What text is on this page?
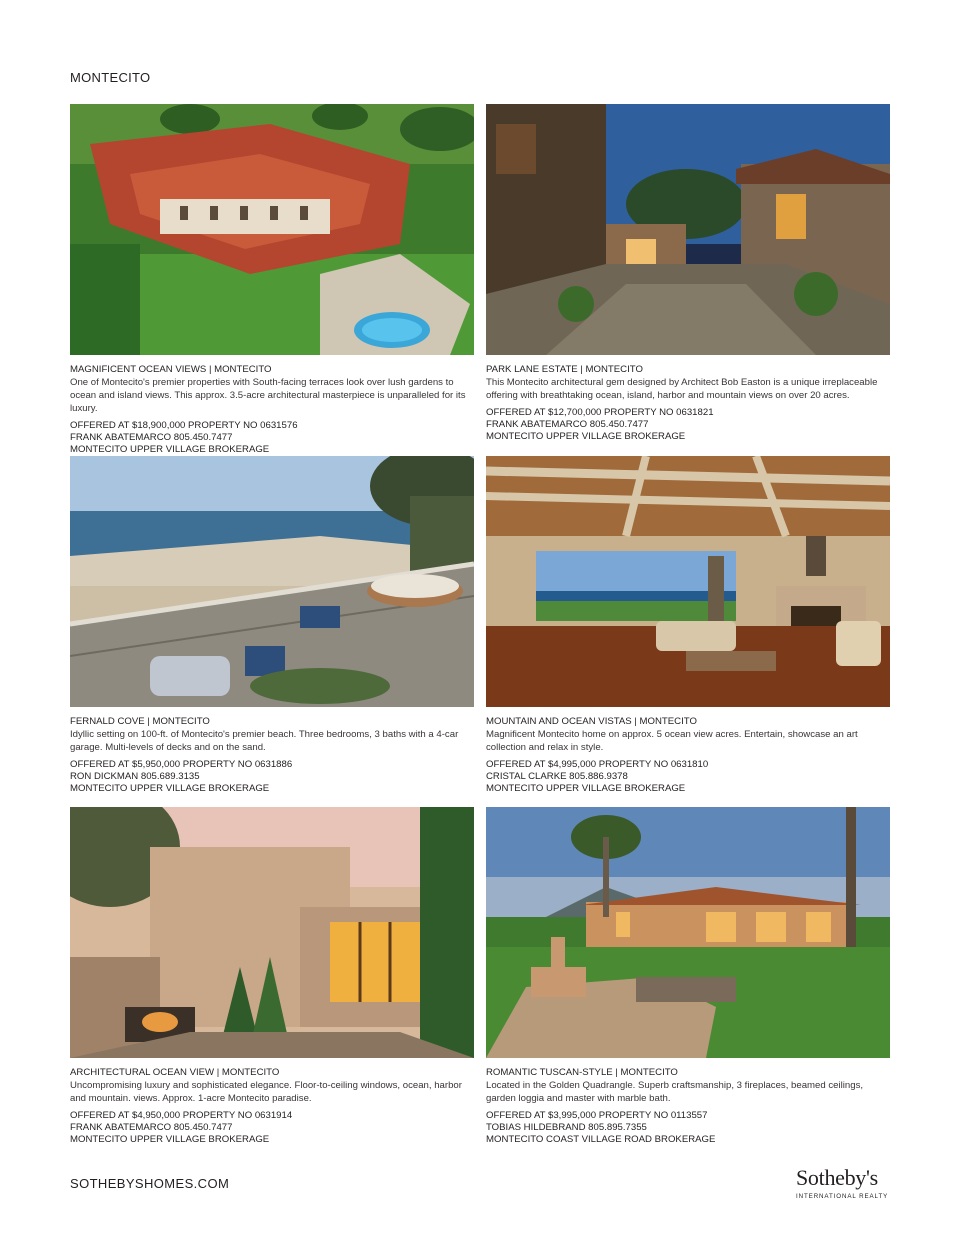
MONTECITO
MAGNIFICENT OCEAN VIEWS | MONTECITO
One of Montecito's premier properties with South-facing terraces look over lush gardens to ocean and island views. This approx. 3.5-acre architectural masterpiece is unparalleled for its luxury.
OFFERED AT $18,900,000 PROPERTY NO 0631576
FRANK ABATEMARCO 805.450.7477
MONTECITO UPPER VILLAGE BROKERAGE
PARK LANE ESTATE | MONTECITO
This Montecito architectural gem designed by Architect Bob Easton is a unique irreplaceable offering with breathtaking ocean, island, harbor and mountain views on over 20 acres.
OFFERED AT $12,700,000 PROPERTY NO 0631821
FRANK ABATEMARCO 805.450.7477
MONTECITO UPPER VILLAGE BROKERAGE
FERNALD COVE | MONTECITO
Idyllic setting on 100-ft. of Montecito's premier beach. Three bedrooms, 3 baths with a 4-car garage. Multi-levels of decks and on the sand.
OFFERED AT $5,950,000 PROPERTY NO 0631886
RON DICKMAN 805.689.3135
MONTECITO UPPER VILLAGE BROKERAGE
MOUNTAIN AND OCEAN VISTAS | MONTECITO
Magnificent Montecito home on approx. 5 ocean view acres. Entertain, showcase an art collection and relax in style.
OFFERED AT $4,995,000 PROPERTY NO 0631810
CRISTAL CLARKE 805.886.9378
MONTECITO UPPER VILLAGE BROKERAGE
ARCHITECTURAL OCEAN VIEW | MONTECITO
Uncompromising luxury and sophisticated elegance. Floor-to-ceiling windows, ocean, harbor and mountain. views. Approx. 1-acre Montecito paradise.
OFFERED AT $4,950,000 PROPERTY NO 0631914
FRANK ABATEMARCO 805.450.7477
MONTECITO UPPER VILLAGE BROKERAGE
ROMANTIC TUSCAN-STYLE | MONTECITO
Located in the Golden Quadrangle. Superb craftsmanship, 3 fireplaces, beamed ceilings, garden loggia and master with marble bath.
OFFERED AT $3,995,000 PROPERTY NO 0113557
TOBIAS HILDEBRAND 805.895.7355
MONTECITO COAST VILLAGE ROAD BROKERAGE
SOTHEBYSHOMES.COM	Sotheby's
INTERNATIONAL REALTY
